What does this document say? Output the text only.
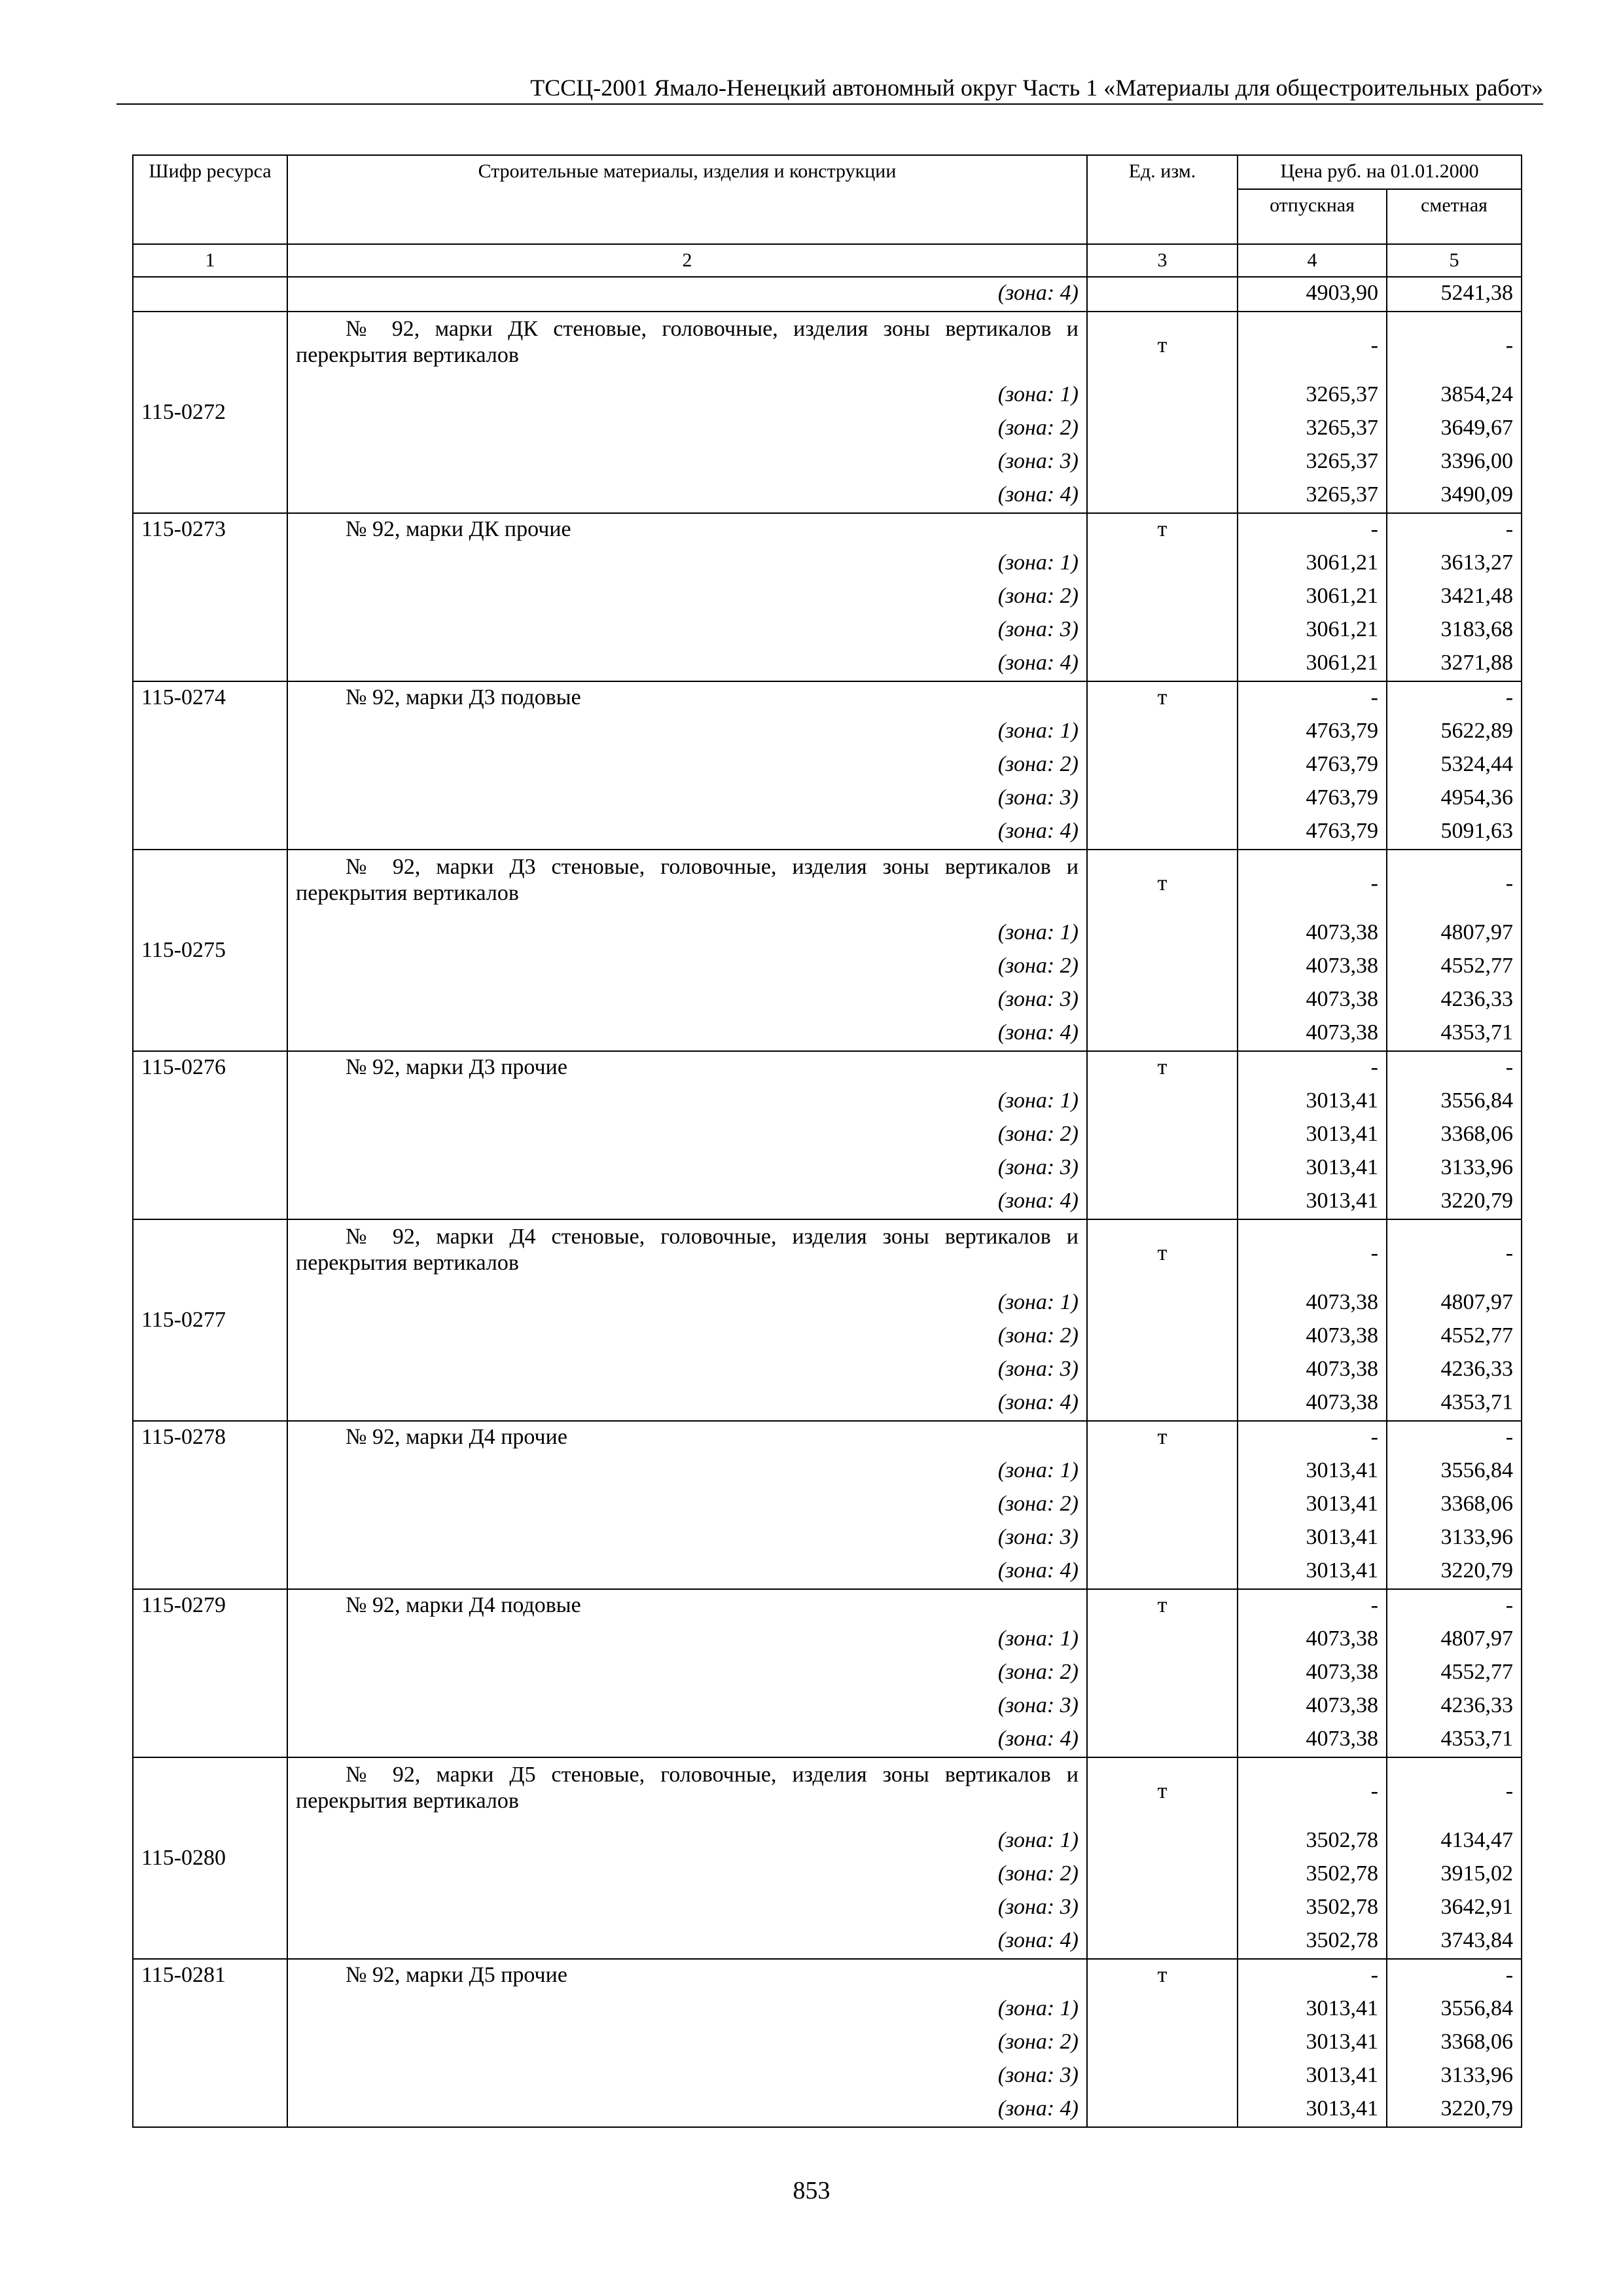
ТССЦ-2001 Ямало-Ненецкий автономный округ Часть 1 «Материалы для общестроительных работ»
Шифр ресурса	Строительные материалы, изделия и конструкции	Ед. изм.	Цена руб. на 01.01.2000	
			отпускная	сметная
1	2	3	4	5
	(зона: 4)		4903,90	5241,38
115-0272	№ 92, марки ДК стеновые, головочные, изделия зоны вертикалов и перекрытия вертикалов	т	-	-
	(зона: 1)		3265,37	3854,24
	(зона: 2)		3265,37	3649,67
	(зона: 3)		3265,37	3396,00
	(зона: 4)		3265,37	3490,09
115-0273	№ 92, марки ДК прочие	т	-	-
	(зона: 1)		3061,21	3613,27
	(зона: 2)		3061,21	3421,48
	(зона: 3)		3061,21	3183,68
	(зона: 4)		3061,21	3271,88
115-0274	№ 92, марки Д3 подовые	т	-	-
	(зона: 1)		4763,79	5622,89
	(зона: 2)		4763,79	5324,44
	(зона: 3)		4763,79	4954,36
	(зона: 4)		4763,79	5091,63
115-0275	№ 92, марки Д3 стеновые, головочные, изделия зоны вертикалов и перекрытия вертикалов	т	-	-
	(зона: 1)		4073,38	4807,97
	(зона: 2)		4073,38	4552,77
	(зона: 3)		4073,38	4236,33
	(зона: 4)		4073,38	4353,71
115-0276	№ 92, марки Д3 прочие	т	-	-
	(зона: 1)		3013,41	3556,84
	(зона: 2)		3013,41	3368,06
	(зона: 3)		3013,41	3133,96
	(зона: 4)		3013,41	3220,79
115-0277	№ 92, марки Д4 стеновые, головочные, изделия зоны вертикалов и перекрытия вертикалов	т	-	-
	(зона: 1)		4073,38	4807,97
	(зона: 2)		4073,38	4552,77
	(зона: 3)		4073,38	4236,33
	(зона: 4)		4073,38	4353,71
115-0278	№ 92, марки Д4 прочие	т	-	-
	(зона: 1)		3013,41	3556,84
	(зона: 2)		3013,41	3368,06
	(зона: 3)		3013,41	3133,96
	(зона: 4)		3013,41	3220,79
115-0279	№ 92, марки Д4 подовые	т	-	-
	(зона: 1)		4073,38	4807,97
	(зона: 2)		4073,38	4552,77
	(зона: 3)		4073,38	4236,33
	(зона: 4)		4073,38	4353,71
115-0280	№ 92, марки Д5 стеновые, головочные, изделия зоны вертикалов и перекрытия вертикалов	т	-	-
	(зона: 1)		3502,78	4134,47
	(зона: 2)		3502,78	3915,02
	(зона: 3)		3502,78	3642,91
	(зона: 4)		3502,78	3743,84
115-0281	№ 92, марки Д5 прочие	т	-	-
	(зона: 1)		3013,41	3556,84
	(зона: 2)		3013,41	3368,06
	(зона: 3)		3013,41	3133,96
	(зона: 4)		3013,41	3220,79
853
